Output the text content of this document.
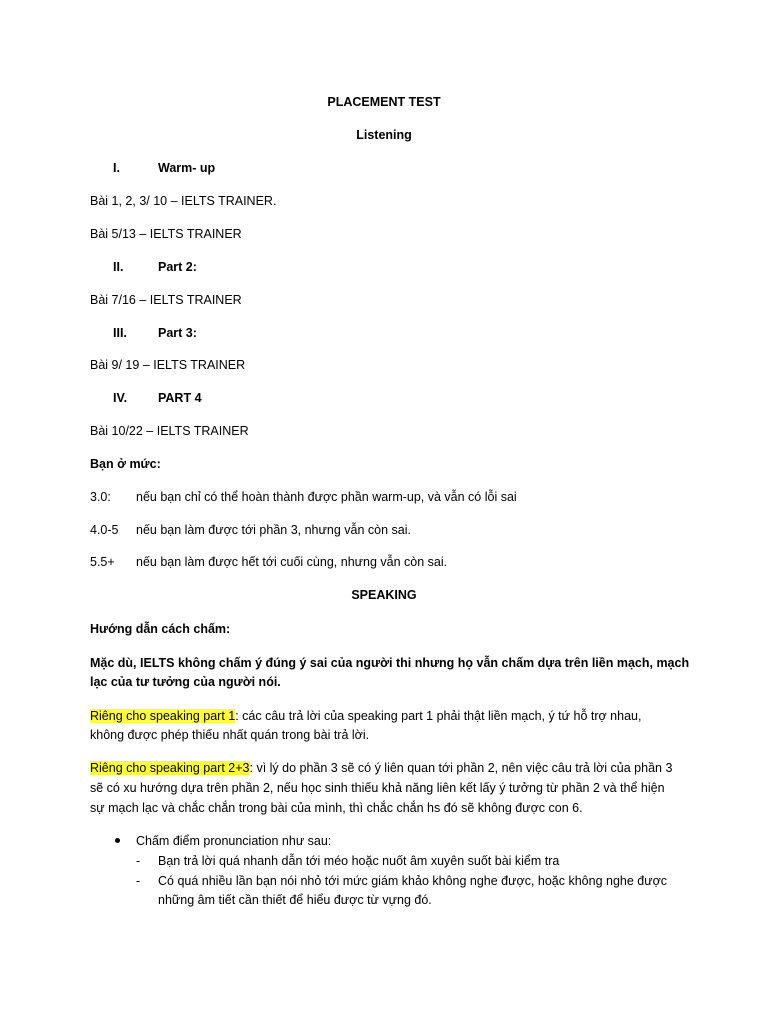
PLACEMENT TEST
Listening
I.	Warm- up
Bài 1, 2, 3/ 10 – IELTS TRAINER.
Bài 5/13 – IELTS TRAINER
II.	Part 2:
Bài 7/16 – IELTS TRAINER
III. Part 3:
Bài 9/ 19 – IELTS TRAINER
IV. PART 4
Bài 10/22 – IELTS TRAINER
Bạn ở mức:
3.0: nếu bạn chỉ có thể hoàn thành được phần warm-up, và vẫn có lỗi sai
4.0-5 nếu bạn làm được tới phần 3, nhưng vẫn còn sai.
5.5+ nếu bạn làm được hết tới cuối cùng, nhưng vẫn còn sai.
SPEAKING
Hướng dẫn cách chấm:
Mặc dù, IELTS không chấm ý đúng ý sai của người thi nhưng họ vẫn chấm dựa trên liền mạch, mạch
lạc của tư tưởng của người nói.
Riêng cho speaking part 1: các câu trả lời của speaking part 1 phải thật liền mạch, ý tứ hỗ trợ nhau,
không được phép thiếu nhất quán trong bài trả lời.
Riêng cho speaking part 2+3: vì lý do phần 3 sẽ có ý liên quan tới phần 2, nên việc câu trả lời của phần 3
sẽ có xu hướng dựa trên phần 2, nếu học sinh thiếu khả năng liên kết lấy ý tưởng từ phần 2 và thể hiện
sự mạch lạc và chắc chắn trong bài của mình, thì chắc chắn hs đó sẽ không được con 6.
Chấm điểm pronunciation như sau:
- Bạn trả lời quá nhanh dẫn tới méo hoặc nuốt âm xuyên suốt bài kiểm tra
- Có quá nhiều lần bạn nói nhỏ tới mức giám khảo không nghe được, hoặc không nghe được
những âm tiết cần thiết để hiểu được từ vựng đó.
